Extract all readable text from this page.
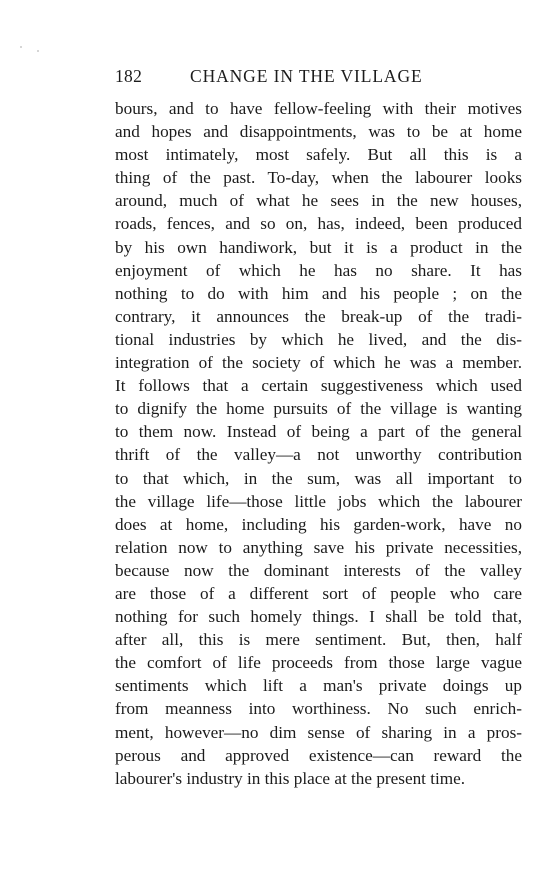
182	CHANGE IN THE VILLAGE
bours, and to have fellow-feeling with their motives
and hopes and disappointments, was to be at home
most intimately, most safely. But all this is a
thing of the past. To-day, when the labourer looks
around, much of what he sees in the new houses,
roads, fences, and so on, has, indeed, been produced
by his own handiwork, but it is a product in the
enjoyment of which he has no share. It has
nothing to do with him and his people ; on the
contrary, it announces the break-up of the tradi-
tional industries by which he lived, and the dis-
integration of the society of which he was a member.
It follows that a certain suggestiveness which used
to dignify the home pursuits of the village is wanting
to them now. Instead of being a part of the general
thrift of the valley—a not unworthy contribution
to that which, in the sum, was all important to
the village life—those little jobs which the labourer
does at home, including his garden-work, have no
relation now to anything save his private necessities,
because now the dominant interests of the valley
are those of a different sort of people who care
nothing for such homely things. I shall be told that,
after all, this is mere sentiment. But, then, half
the comfort of life proceeds from those large vague
sentiments which lift a man's private doings up
from meanness into worthiness. No such enrich-
ment, however—no dim sense of sharing in a pros-
perous and approved existence—can reward the
labourer's industry in this place at the present time.
